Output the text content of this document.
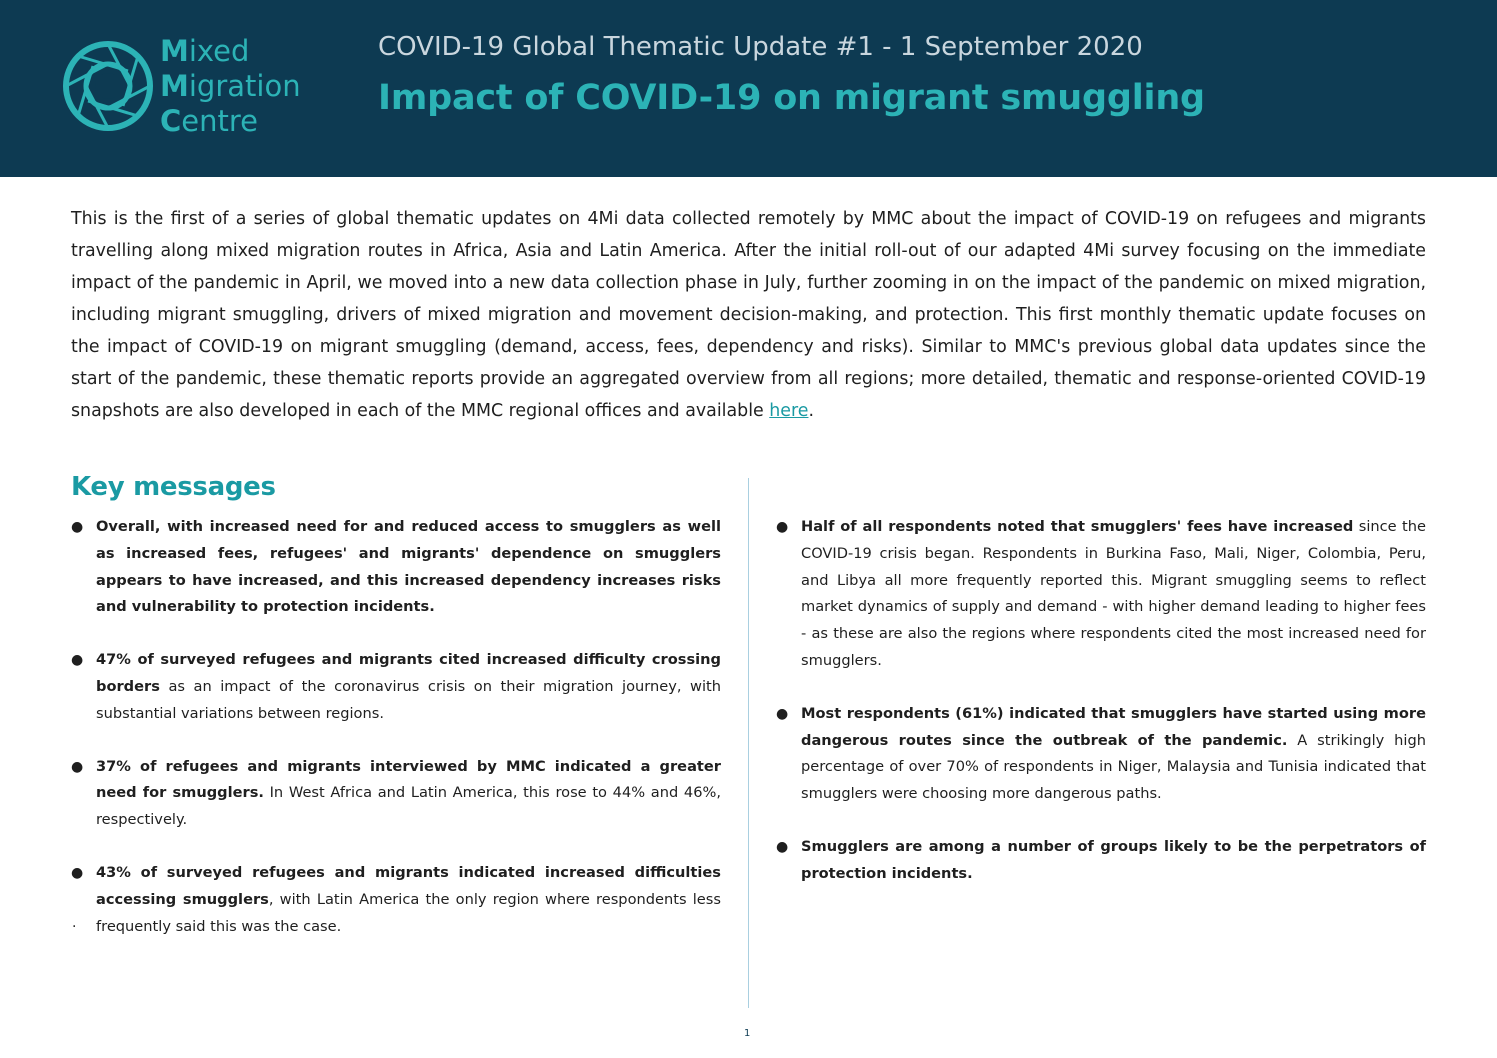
Mixed
Migration
Centre
COVID-19 Global Thematic Update #1 - 1 September 2020
Impact of COVID-19 on migrant smuggling

This is the first of a series of global thematic updates on 4Mi data collected remotely by MMC about the impact of COVID-19 on refugees and migrants travelling along mixed migration routes in Africa, Asia and Latin America. After the initial roll-out of our adapted 4Mi survey focusing on the immediate impact of the pandemic in April, we moved into a new data collection phase in July, further zooming in on the impact of the pandemic on mixed migration, including migrant smuggling, drivers of mixed migration and movement decision-making, and protection. This first monthly thematic update focuses on the impact of COVID-19 on migrant smuggling (demand, access, fees, dependency and risks). Similar to MMC's previous global data updates since the start of the pandemic, these thematic reports provide an aggregated overview from all regions; more detailed, thematic and response-oriented COVID-19 snapshots are also developed in each of the MMC regional offices and available here.

Key messages
● Overall, with increased need for and reduced access to smugglers as well as increased fees, refugees' and migrants' dependence on smugglers appears to have increased, and this increased dependency increases risks and vulnerability to protection incidents.
● 47% of surveyed refugees and migrants cited increased difficulty crossing borders as an impact of the coronavirus crisis on their migration journey, with substantial variations between regions.
● 37% of refugees and migrants interviewed by MMC indicated a greater need for smugglers. In West Africa and Latin America, this rose to 44% and 46%, respectively.
● 43% of surveyed refugees and migrants indicated increased difficulties accessing smugglers, with Latin America the only region where respondents less frequently said this was the case.
.
● Half of all respondents noted that smugglers' fees have increased since the COVID-19 crisis began. Respondents in Burkina Faso, Mali, Niger, Colombia, Peru, and Libya all more frequently reported this. Migrant smuggling seems to reflect market dynamics of supply and demand - with higher demand leading to higher fees - as these are also the regions where respondents cited the most increased need for smugglers.
● Most respondents (61%) indicated that smugglers have started using more dangerous routes since the outbreak of the pandemic. A strikingly high percentage of over 70% of respondents in Niger, Malaysia and Tunisia indicated that smugglers were choosing more dangerous paths.
● Smugglers are among a number of groups likely to be the perpetrators of protection incidents.
1
